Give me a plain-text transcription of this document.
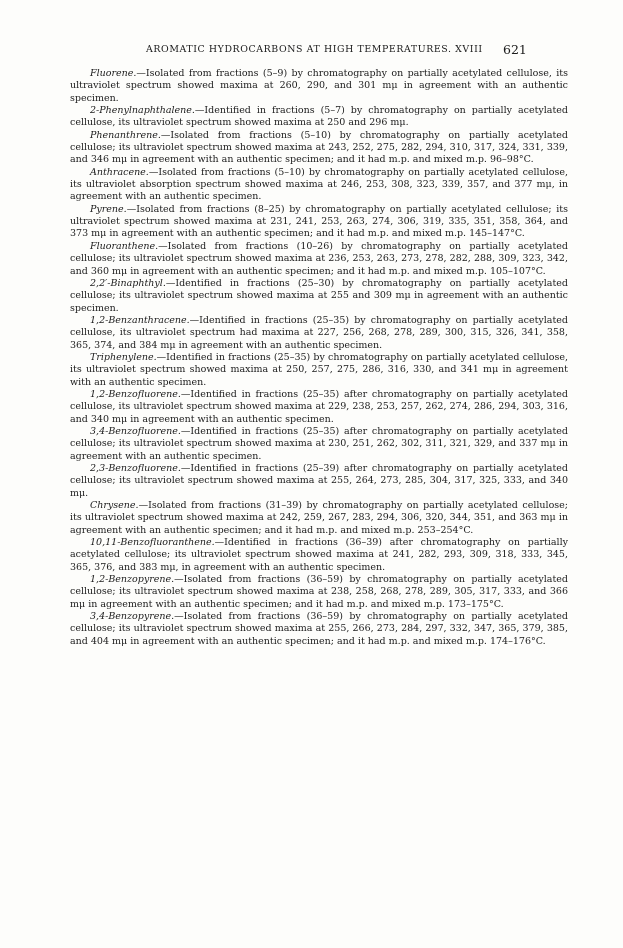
AROMATIC HYDROCARBONS AT HIGH TEMPERATURES. XVIII 621

Fluorene.—Isolated from fractions (5–9) by chromatography on partially acetylated cellulose, its ultraviolet spectrum showed maxima at 260, 290, and 301 mμ in agreement with an authentic specimen.

2-Phenylnaphthalene.—Identified in fractions (5–7) by chromatography on partially acetylated cellulose, its ultraviolet spectrum showed maxima at 250 and 296 mμ.

Phenanthrene.—Isolated from fractions (5–10) by chromatography on partially acetylated cellulose; its ultraviolet spectrum showed maxima at 243, 252, 275, 282, 294, 310, 317, 324, 331, 339, and 346 mμ in agreement with an authentic specimen; and it had m.p. and mixed m.p. 96–98°C.

Anthracene.—Isolated from fractions (5–10) by chromatography on partially acetylated cellulose, its ultraviolet absorption spectrum showed maxima at 246, 253, 308, 323, 339, 357, and 377 mμ, in agreement with an authentic specimen.

Pyrene.—Isolated from fractions (8–25) by chromatography on partially acetylated cellulose; its ultraviolet spectrum showed maxima at 231, 241, 253, 263, 274, 306, 319, 335, 351, 358, 364, and 373 mμ in agreement with an authentic specimen; and it had m.p. and mixed m.p. 145–147°C.

Fluoranthene.—Isolated from fractions (10–26) by chromatography on partially acetylated cellulose; its ultraviolet spectrum showed maxima at 236, 253, 263, 273, 278, 282, 288, 309, 323, 342, and 360 mμ in agreement with an authentic specimen; and it had m.p. and mixed m.p. 105–107°C.

2,2′-Binaphthyl.—Identified in fractions (25–30) by chromatography on partially acetylated cellulose; its ultraviolet spectrum showed maxima at 255 and 309 mμ in agreement with an authentic specimen.

1,2-Benzanthracene.—Identified in fractions (25–35) by chromatography on partially acetylated cellulose, its ultraviolet spectrum had maxima at 227, 256, 268, 278, 289, 300, 315, 326, 341, 358, 365, 374, and 384 mμ in agreement with an authentic specimen.

Triphenylene.—Identified in fractions (25–35) by chromatography on partially acetylated cellulose, its ultraviolet spectrum showed maxima at 250, 257, 275, 286, 316, 330, and 341 mμ in agreement with an authentic specimen.

1,2-Benzofluorene.—Identified in fractions (25–35) after chromatography on partially acetylated cellulose, its ultraviolet spectrum showed maxima at 229, 238, 253, 257, 262, 274, 286, 294, 303, 316, and 340 mμ in agreement with an authentic specimen.

3,4-Benzofluorene.—Identified in fractions (25–35) after chromatography on partially acetylated cellulose; its ultraviolet spectrum showed maxima at 230, 251, 262, 302, 311, 321, 329, and 337 mμ in agreement with an authentic specimen.

2,3-Benzofluorene.—Identified in fractions (25–39) after chromatography on partially acetylated cellulose; its ultraviolet spectrum showed maxima at 255, 264, 273, 285, 304, 317, 325, 333, and 340 mμ.

Chrysene.—Isolated from fractions (31–39) by chromatography on partially acetylated cellulose; its ultraviolet spectrum showed maxima at 242, 259, 267, 283, 294, 306, 320, 344, 351, and 363 mμ in agreement with an authentic specimen; and it had m.p. and mixed m.p. 253–254°C.

10,11-Benzofluoranthene.—Identified in fractions (36–39) after chromatography on partially acetylated cellulose; its ultraviolet spectrum showed maxima at 241, 282, 293, 309, 318, 333, 345, 365, 376, and 383 mμ, in agreement with an authentic specimen.

1,2-Benzopyrene.—Isolated from fractions (36–59) by chromatography on partially acetylated cellulose; its ultraviolet spectrum showed maxima at 238, 258, 268, 278, 289, 305, 317, 333, and 366 mμ in agreement with an authentic specimen; and it had m.p. and mixed m.p. 173–175°C.

3,4-Benzopyrene.—Isolated from fractions (36–59) by chromatography on partially acetylated cellulose; its ultraviolet spectrum showed maxima at 255, 266, 273, 284, 297, 332, 347, 365, 379, 385, and 404 mμ in agreement with an authentic specimen; and it had m.p. and mixed m.p. 174–176°C.
